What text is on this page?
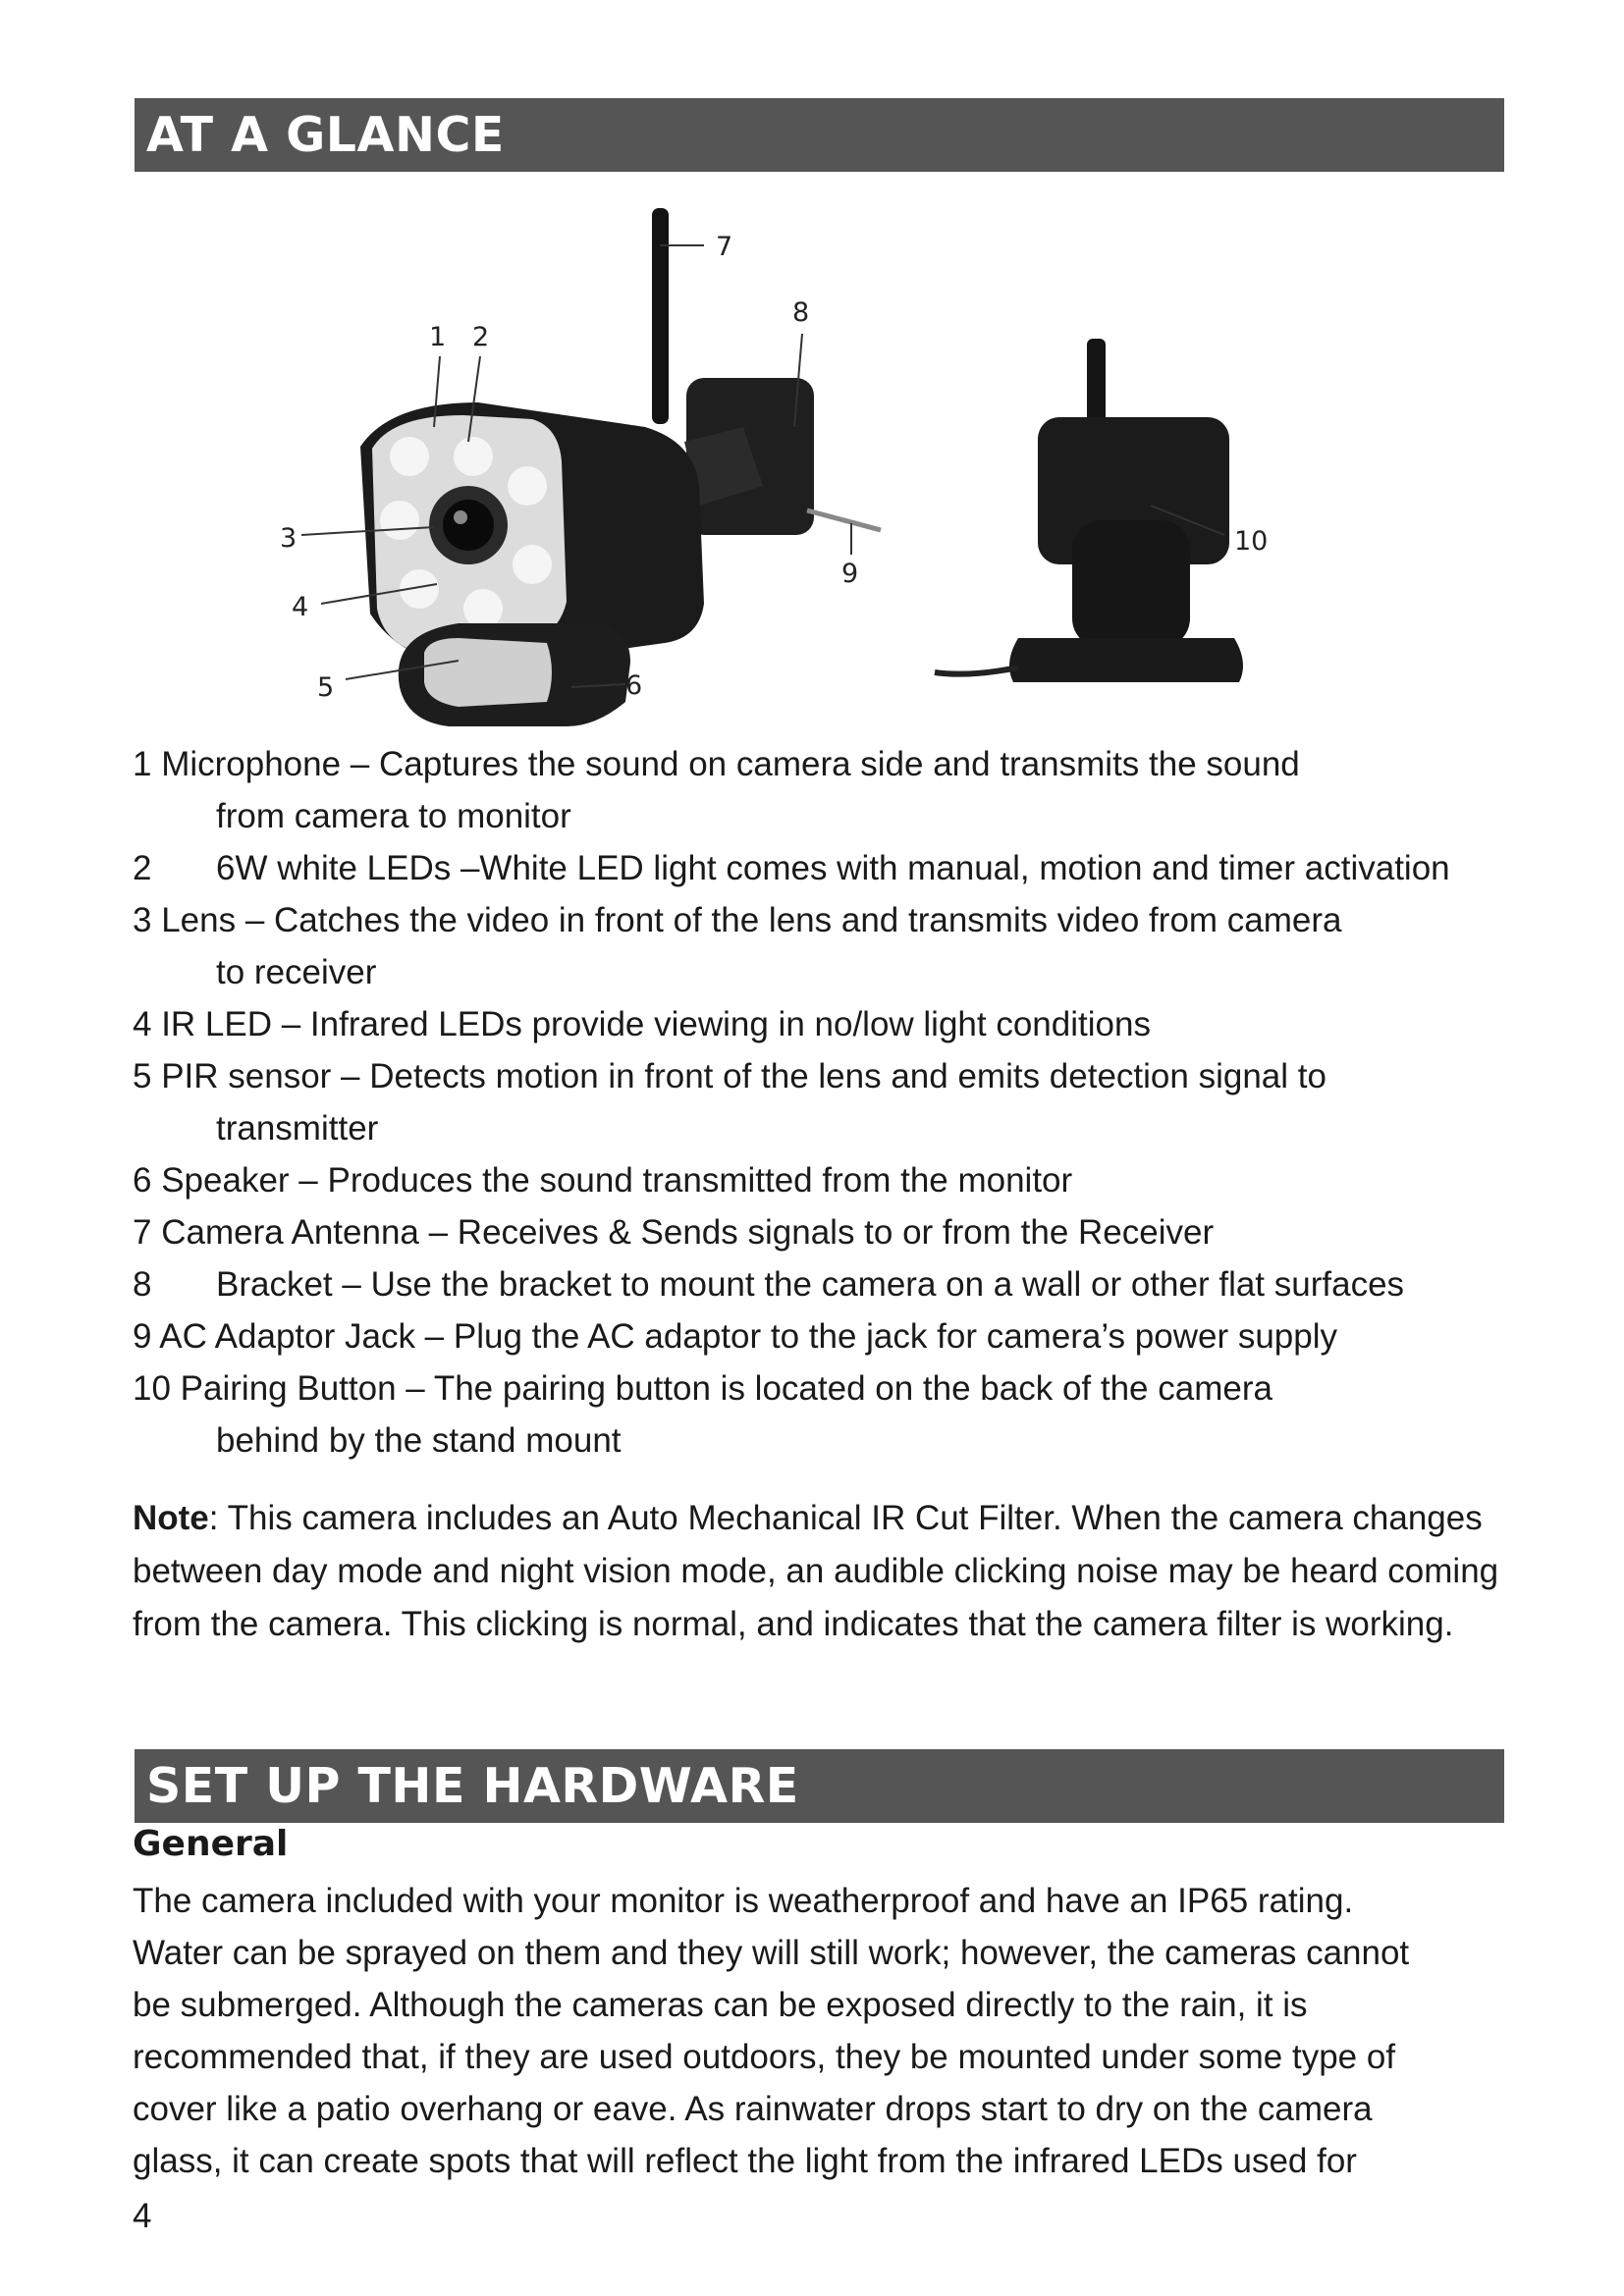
AT A GLANCE
1 2
3
4
5	6
7
8
9
10
1 Microphone – Captures the sound on camera side and transmits the sound
from camera to monitor
2 6W white LEDs –White LED light comes with manual, motion and timer activation
3 Lens – Catches the video in front of the lens and transmits video from camera
to receiver
4 IR LED – Infrared LEDs provide viewing in no/low light conditions
5 PIR sensor – Detects motion in front of the lens and emits detection signal to
transmitter
6 Speaker – Produces the sound transmitted from the monitor
7 Camera Antenna – Receives & Sends signals to or from the Receiver
8 Bracket – Use the bracket to mount the camera on a wall or other flat surfaces
9 AC Adaptor Jack – Plug the AC adaptor to the jack for camera’s power supply
10 Pairing Button – The pairing button is located on the back of the camera
behind by the stand mount

Note: This camera includes an Auto Mechanical IR Cut Filter. When the camera changes between day mode and night vision mode, an audible clicking noise may be heard coming from the camera. This clicking is normal, and indicates that the camera filter is working.

SET UP THE HARDWARE
General

The camera included with your monitor is weatherproof and have an IP65 rating.
Water can be sprayed on them and they will still work; however, the cameras cannot
be submerged. Although the cameras can be exposed directly to the rain, it is
recommended that, if they are used outdoors, they be mounted under some type of
cover like a patio overhang or eave. As rainwater drops start to dry on the camera
glass, it can create spots that will reflect the light from the infrared LEDs used for

4
